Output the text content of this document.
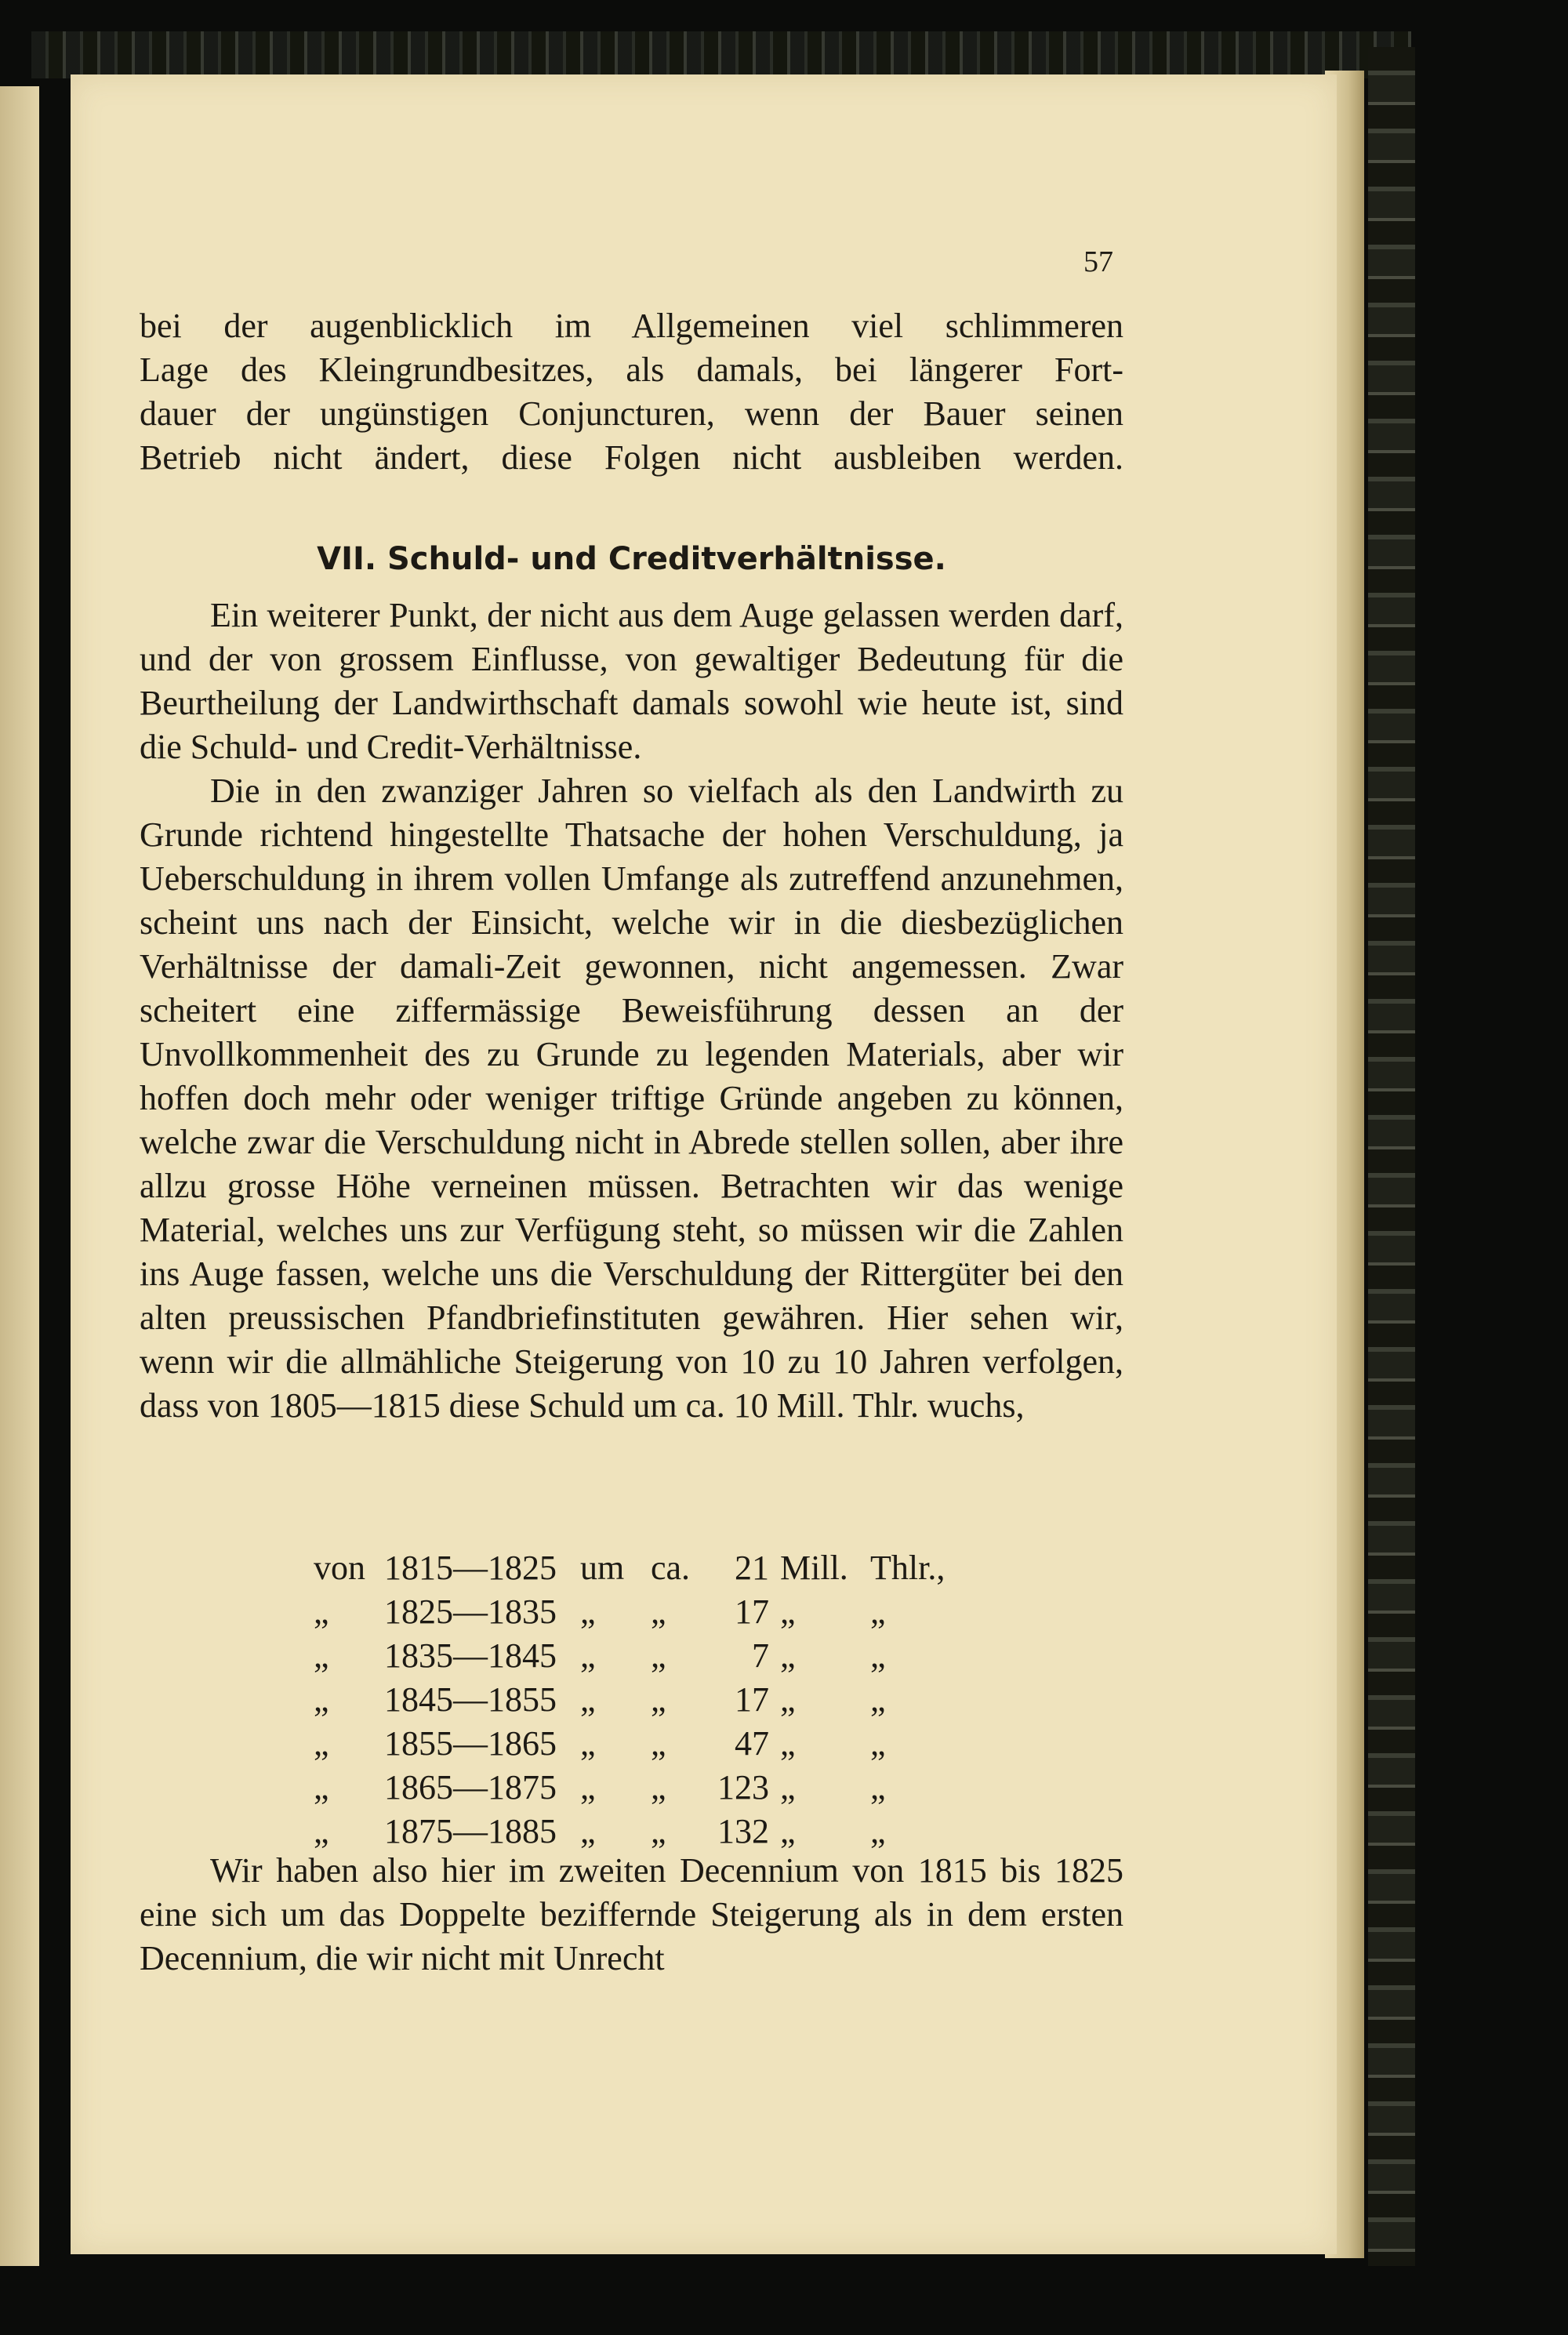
57

bei der augenblicklich im Allgemeinen viel schlimmeren

Lage des Kleingrundbesitzes, als damals, bei längerer Fort-

dauer der ungünstigen Conjuncturen, wenn der Bauer seinen

Betrieb nicht ändert, diese Folgen nicht ausbleiben werden.

VII. Schuld- und Creditverhältnisse.

Ein weiterer Punkt, der nicht aus dem Auge gelassen werden darf, und der von grossem Einflusse, von gewaltiger Bedeutung für die Beurtheilung der Landwirthschaft damals sowohl wie heute ist, sind die Schuld- und Credit-Verhältnisse.

Die in den zwanziger Jahren so vielfach als den Landwirth zu Grunde richtend hingestellte Thatsache der hohen Verschuldung, ja Ueberschuldung in ihrem vollen Umfange als zutreffend anzunehmen, scheint uns nach der Einsicht, welche wir in die diesbezüglichen Verhältnisse der damali-Zeit gewonnen, nicht angemessen. Zwar scheitert eine ziffermässige Beweisführung dessen an der Unvollkommenheit des zu Grunde zu legenden Materials, aber wir hoffen doch mehr oder weniger triftige Gründe angeben zu können, welche zwar die Verschuldung nicht in Abrede stellen sollen, aber ihre allzu grosse Höhe verneinen müssen. Betrachten wir das wenige Material, welches uns zur Verfügung steht, so müssen wir die Zahlen ins Auge fassen, welche uns die Verschuldung der Rittergüter bei den alten preussischen Pfandbriefinstituten gewähren. Hier sehen wir, wenn wir die allmähliche Steigerung von 10 zu 10 Jahren verfolgen, dass von 1805—1815 diese Schuld um ca. 10 Mill. Thlr. wuchs,

von	1815—1825	um	ca.	21	Mill.	Thlr.,
„	1825—1835	„	„	17	„	„
„	1835—1845	„	„	7	„	„
„	1845—1855	„	„	17	„	„
„	1855—1865	„	„	47	„	„
„	1865—1875	„	„	123	„	„
„	1875—1885	„	„	132	„	„

Wir haben also hier im zweiten Decennium von 1815 bis 1825 eine sich um das Doppelte beziffernde Steigerung als in dem ersten Decennium, die wir nicht mit Unrecht
